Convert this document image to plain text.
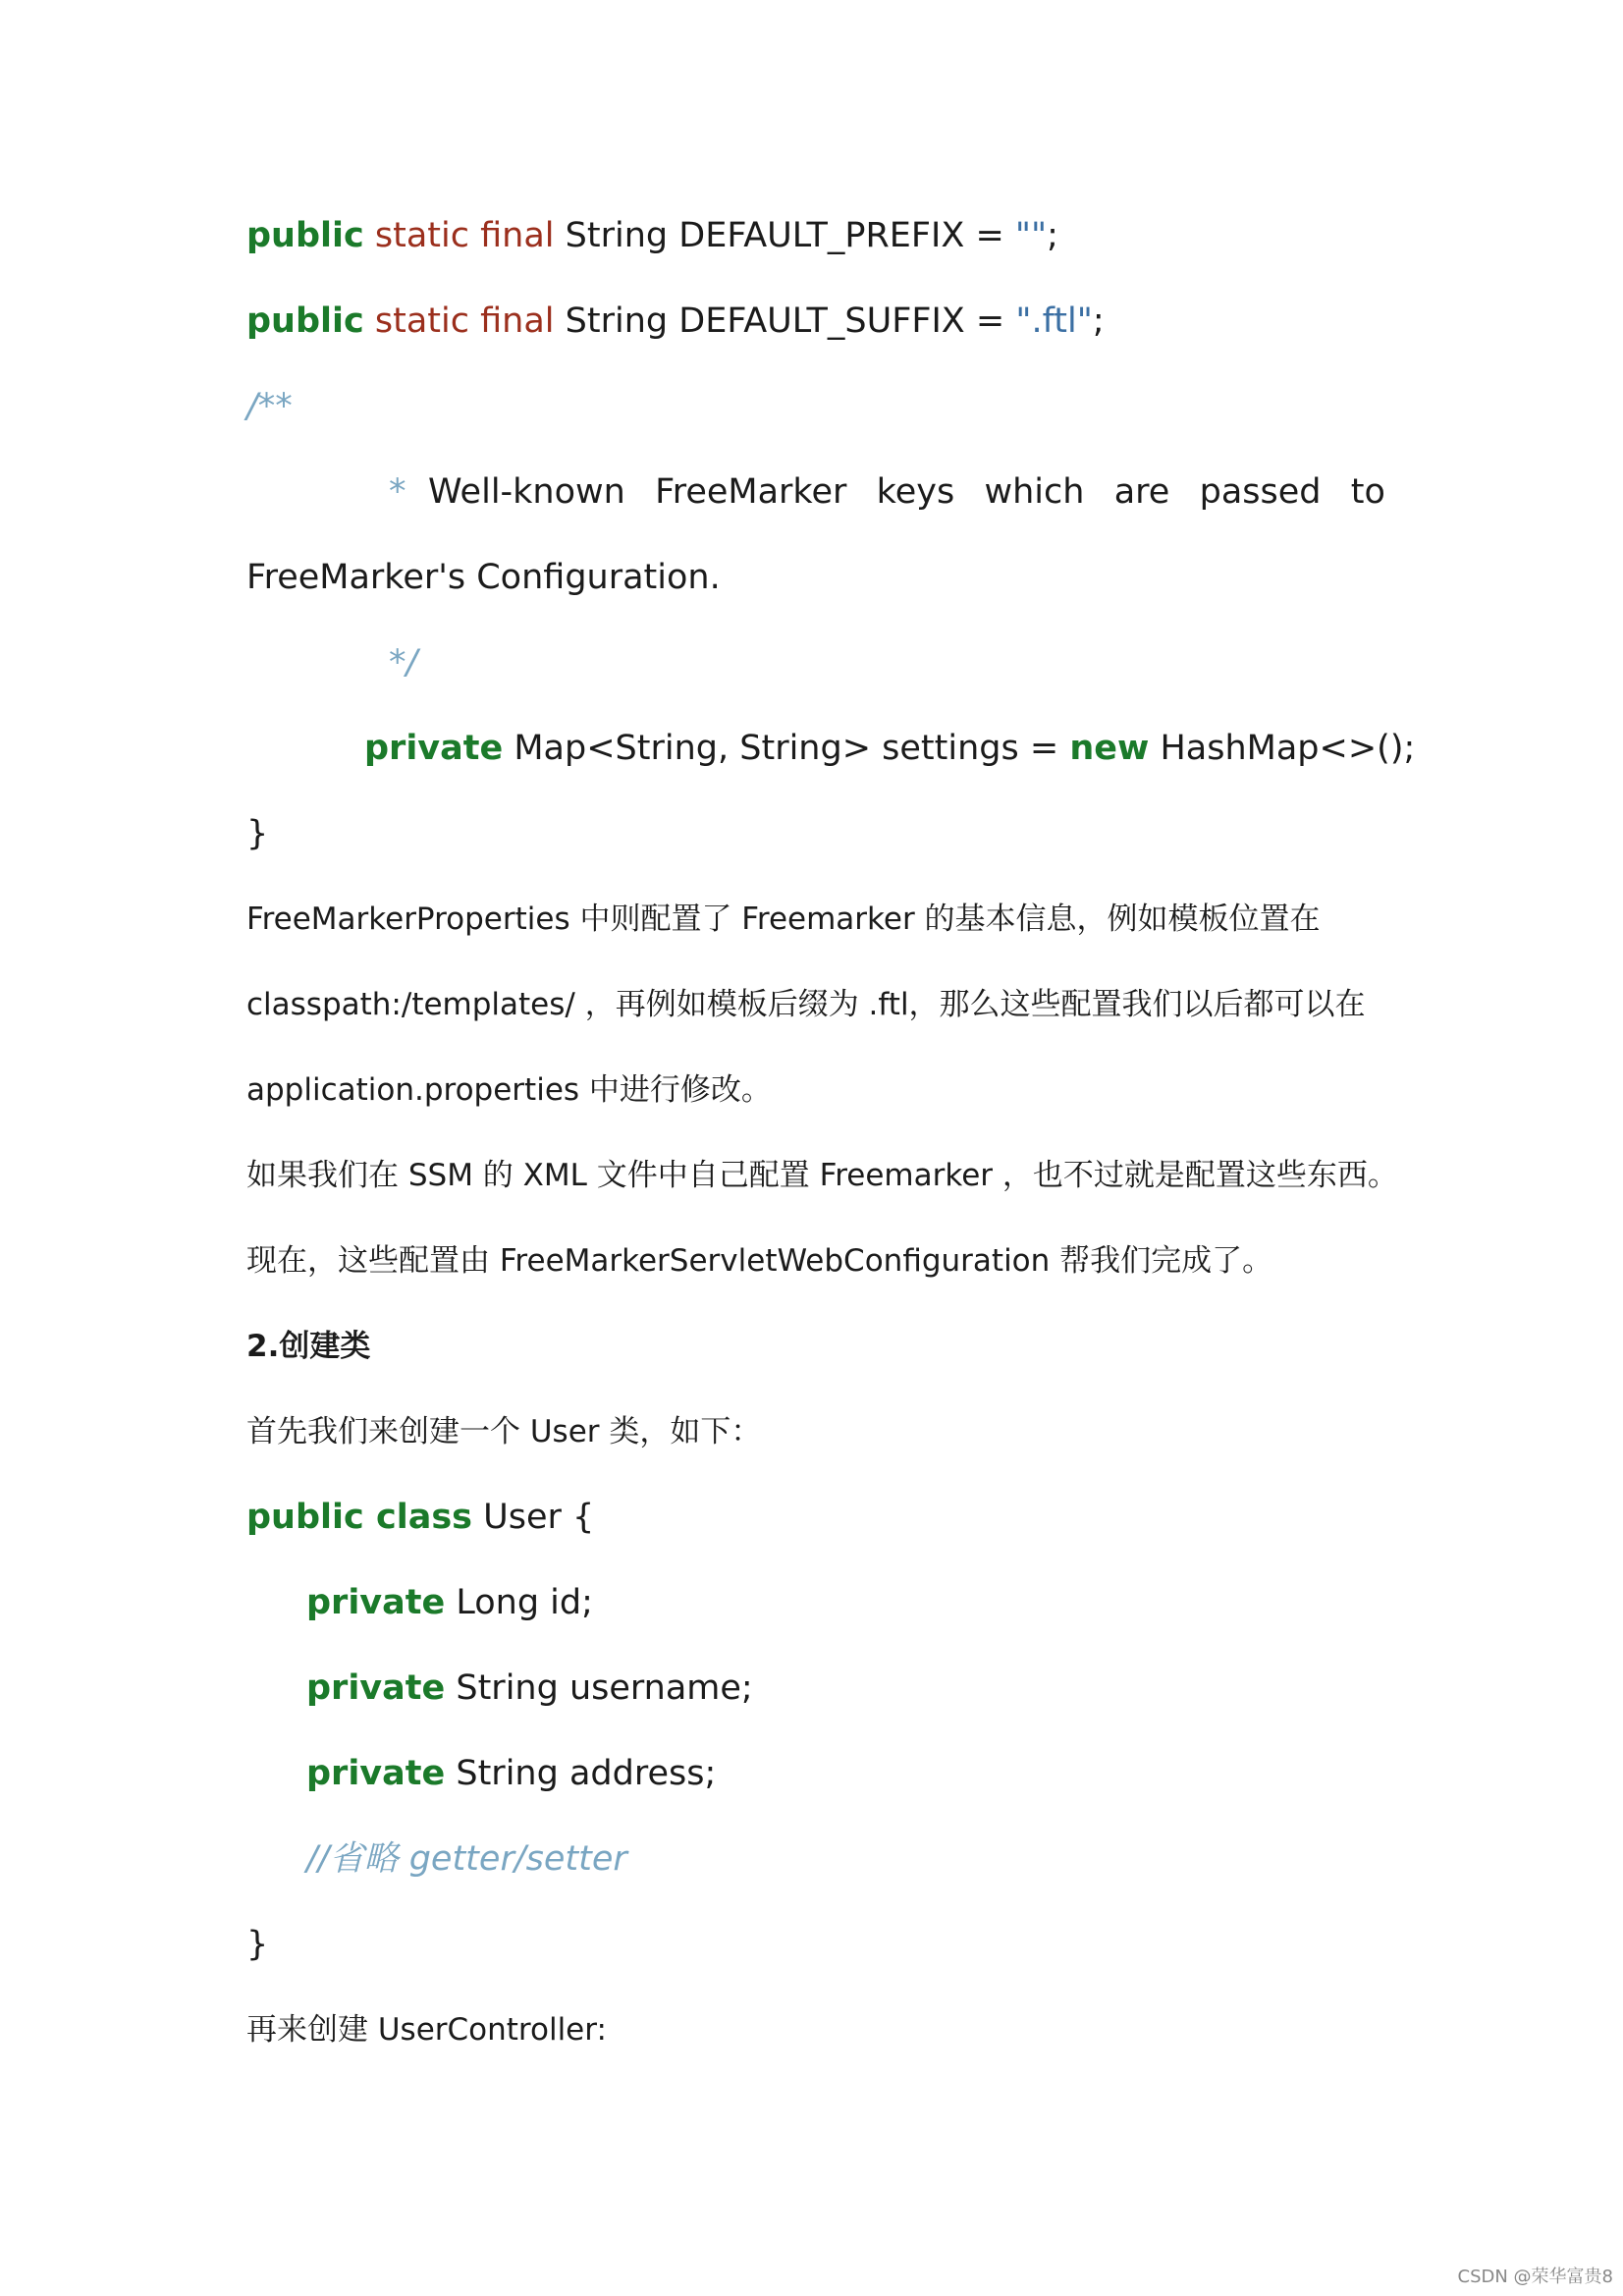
public static final String DEFAULT_PREFIX = "";
public static final String DEFAULT_SUFFIX = ".ftl";
/**
* Well-known FreeMarker keys which are passed to
FreeMarker's Configuration.
*/
private Map<String, String> settings = new HashMap<>();
}
FreeMarkerProperties 中则配置了 Freemarker 的基本信息，例如模板位置在
classpath:/templates/ ，再例如模板后缀为 .ftl，那么这些配置我们以后都可以在
application.properties 中进行修改。
如果我们在 SSM 的 XML 文件中自己配置 Freemarker ，也不过就是配置这些东西。
现在，这些配置由 FreeMarkerServletWebConfiguration 帮我们完成了。
2.创建类
首先我们来创建一个 User 类，如下：
public class User {
private Long id;
private String username;
private String address;
//省略 getter/setter
}
再来创建 UserController:
CSDN @荣华富贵8
